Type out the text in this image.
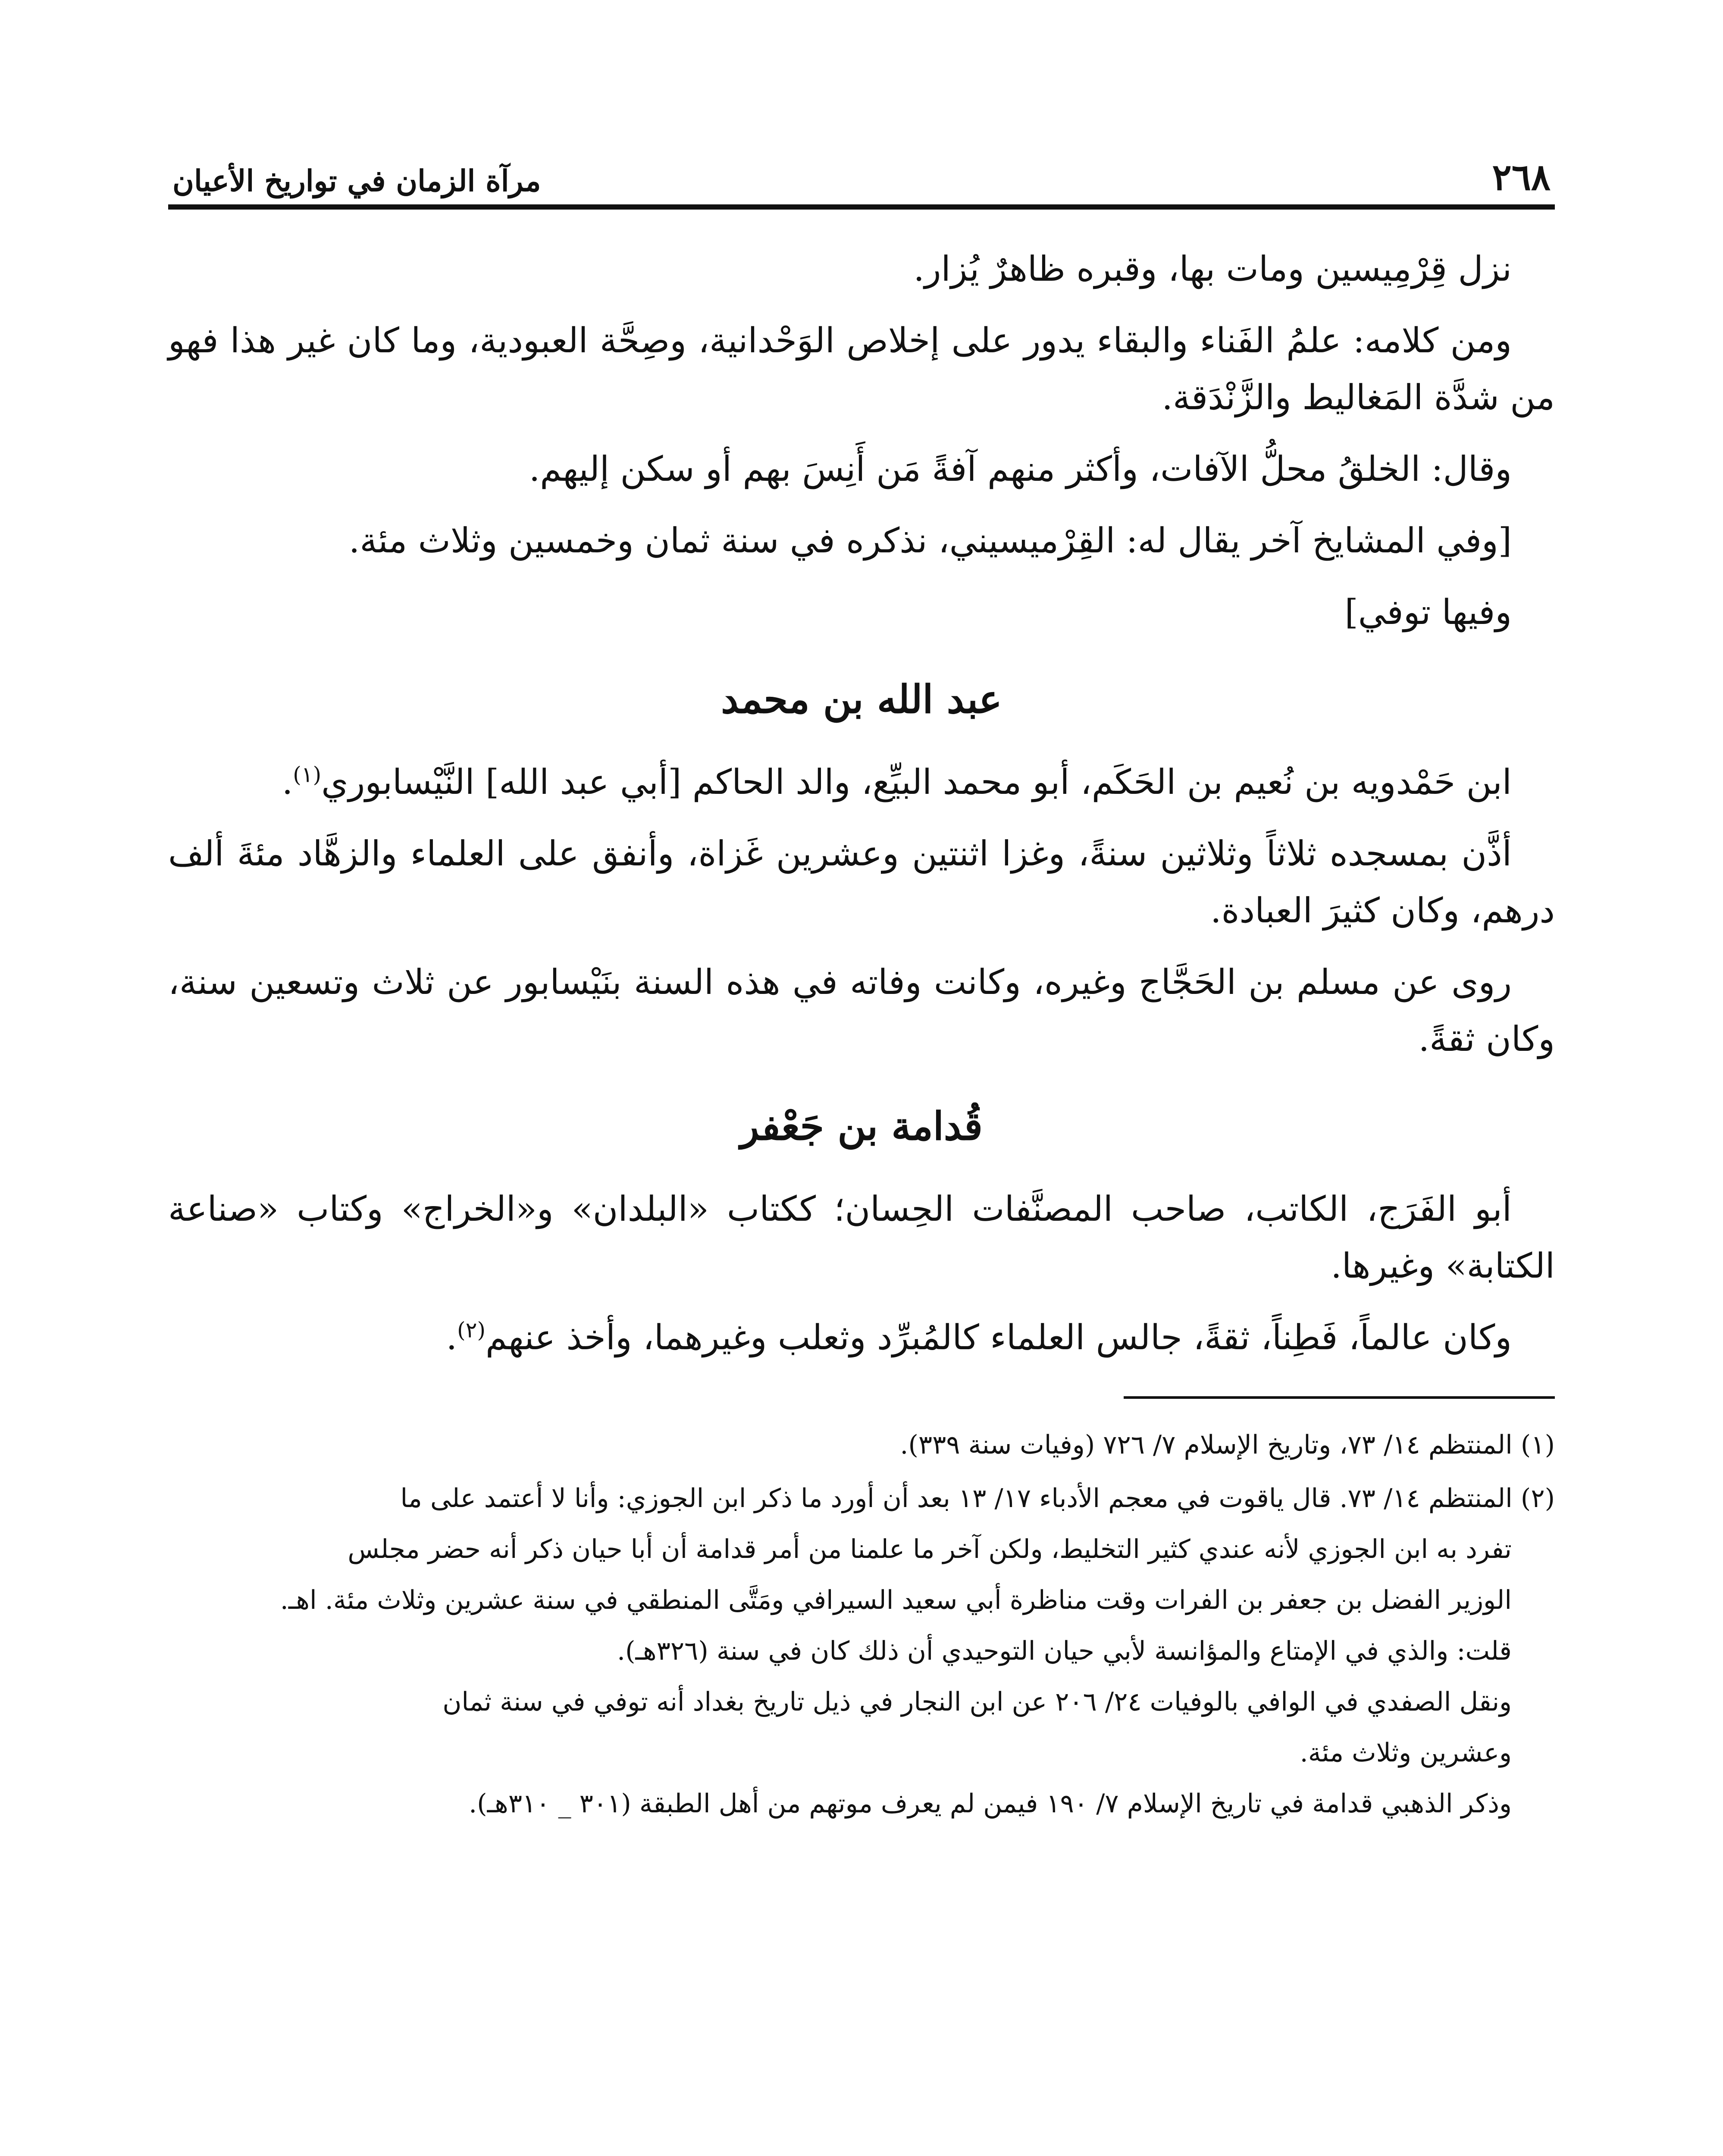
٢٦٨
مرآة الزمان في تواريخ الأعيان

نزل قِرْمِيسين ومات بها، وقبره ظاهرٌ يُزار.

ومن كلامه: علمُ الفَناء والبقاء يدور على إخلاص الوَحْدانية، وصِحَّة العبودية، وما كان غير هذا فهو من شدَّة المَغاليط والزَّنْدَقة.

وقال: الخلقُ محلُّ الآفات، وأكثر منهم آفةً مَن أَنِسَ بهم أو سكن إليهم.

[وفي المشايخ آخر يقال له: القِرْميسيني، نذكره في سنة ثمان وخمسين وثلاث مئة.

وفيها توفي]

عبد الله بن محمد

ابن حَمْدويه بن نُعيم بن الحَكَم، أبو محمد البيِّع، والد الحاكم [أبي عبد الله] النَّيْسابوري$^{(١)}$.

أذَّن بمسجده ثلاثاً وثلاثين سنةً، وغزا اثنتين وعشرين غَزاة، وأنفق على العلماء والزهَّاد مئةَ ألف درهم، وكان كثيرَ العبادة.

روى عن مسلم بن الحَجَّاج وغيره، وكانت وفاته في هذه السنة بنَيْسابور عن ثلاث وتسعين سنة، وكان ثقةً.

قُدامة بن جَعْفر

أبو الفَرَج، الكاتب، صاحب المصنَّفات الحِسان؛ ككتاب «البلدان» و«الخراج» وكتاب «صناعة الكتابة» وغيرها.

وكان عالماً، فَطِناً، ثقةً، جالس العلماء كالمُبرِّد وثعلب وغيرهما، وأخذ عنهم$^{(٢)}$.

(١) المنتظم ١٤/ ٧٣، وتاريخ الإسلام ٧/ ٧٢٦ (وفيات سنة ٣٣٩).
(٢) المنتظم ١٤/ ٧٣. قال ياقوت في معجم الأدباء ١٧/ ١٣ بعد أن أورد ما ذكر ابن الجوزي: وأنا لا أعتمد على ما
تفرد به ابن الجوزي لأنه عندي كثير التخليط، ولكن آخر ما علمنا من أمر قدامة أن أبا حيان ذكر أنه حضر مجلس
الوزير الفضل بن جعفر بن الفرات وقت مناظرة أبي سعيد السيرافي ومَتَّى المنطقي في سنة عشرين وثلاث مئة. اهـ.
قلت: والذي في الإمتاع والمؤانسة لأبي حيان التوحيدي أن ذلك كان في سنة (٣٢٦هـ).
ونقل الصفدي في الوافي بالوفيات ٢٤/ ٢٠٦ عن ابن النجار في ذيل تاريخ بغداد أنه توفي في سنة ثمان
وعشرين وثلاث مئة.
وذكر الذهبي قدامة في تاريخ الإسلام ٧/ ١٩٠ فيمن لم يعرف موتهم من أهل الطبقة (٣٠١ _ ٣١٠هـ).
